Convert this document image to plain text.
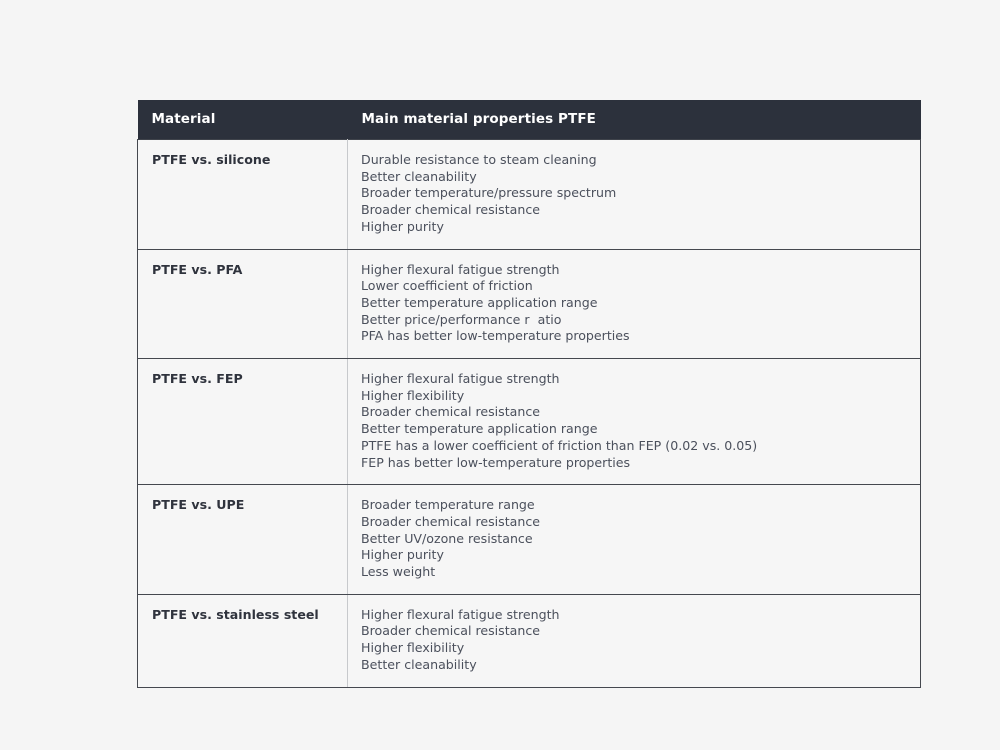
Material	Main material properties PTFE
PTFE vs. silicone	Durable resistance to steam cleaning
Better cleanability
Broader temperature/pressure spectrum
Broader chemical resistance
Higher purity

PTFE vs. PFA	Higher flexural fatigue strength
Lower coefficient of friction
Better temperature application range
Better price/performance r  atio
PFA has better low-temperature properties

PTFE vs. FEP	Higher flexural fatigue strength
Higher flexibility
Broader chemical resistance
Better temperature application range
PTFE has a lower coefficient of friction than FEP (0.02 vs. 0.05)
FEP has better low-temperature properties

PTFE vs. UPE	Broader temperature range
Broader chemical resistance
Better UV/ozone resistance
Higher purity
Less weight

PTFE vs. stainless steel	Higher flexural fatigue strength
Broader chemical resistance
Higher flexibility
Better cleanability
